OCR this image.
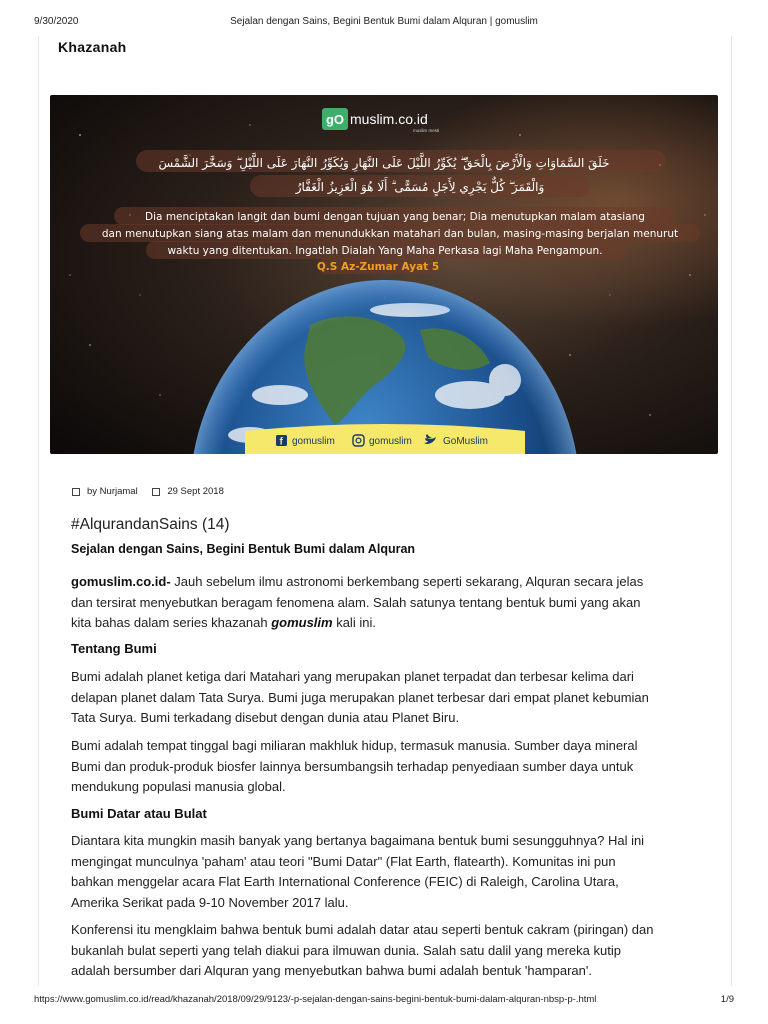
9/30/2020	Sejalan dengan Sains, Begini Bentuk Bumi dalam Alquran | gomuslim
Khazanah
f gomuslim	gomuslim	GoMuslim
gO muslim.co.id
muslim mesti
خَلَقَ السَّمَاوَاتِ وَالْأَرْضَ بِالْحَقِّ ۖ يُكَوِّرُ اللَّيْلَ عَلَى النَّهَارِ وَيُكَوِّرُ النَّهَارَ عَلَى اللَّيْلِ ۖ وَسَخَّرَ الشَّمْسَ
وَالْقَمَرَ ۖ كُلٌّ يَجْرِي لِأَجَلٍ مُسَمًّى ۗ أَلَا هُوَ الْعَزِيزُ الْغَفَّارُ
Dia menciptakan langit dan bumi dengan tujuan yang benar; Dia menutupkan malam atasiang
dan menutupkan siang atas malam dan menundukkan matahari dan bulan, masing-masing berjalan menurut
waktu yang ditentukan. Ingatlah Dialah Yang Maha Perkasa lagi Maha Pengampun.
Q.S Az-Zumar Ayat 5
by Nurjamal
	29 Sept 2018
#AlqurandanSains (14)
Sejalan dengan Sains, Begini Bentuk Bumi dalam Alquran

gomuslim.co.id- Jauh sebelum ilmu astronomi berkembang seperti sekarang, Alquran secara jelas
dan tersirat menyebutkan beragam fenomena alam. Salah satunya tentang bentuk bumi yang akan
kita bahas dalam series khazanah gomuslim kali ini.

Tentang Bumi

Bumi adalah planet ketiga dari Matahari yang merupakan planet terpadat dan terbesar kelima dari
delapan planet dalam Tata Surya. Bumi juga merupakan planet terbesar dari empat planet kebumian
Tata Surya. Bumi terkadang disebut dengan dunia atau Planet Biru.

Bumi adalah tempat tinggal bagi miliaran makhluk hidup, termasuk manusia. Sumber daya mineral
Bumi dan produk-produk biosfer lainnya bersumbangsih terhadap penyediaan sumber daya untuk
mendukung populasi manusia global.

Bumi Datar atau Bulat

Diantara kita mungkin masih banyak yang bertanya bagaimana bentuk bumi sesungguhnya? Hal ini
mengingat munculnya 'paham' atau teori "Bumi Datar" (Flat Earth, flatearth). Komunitas ini pun
bahkan menggelar acara Flat Earth International Conference (FEIC) di Raleigh, Carolina Utara,
Amerika Serikat pada 9-10 November 2017 lalu.

Konferensi itu mengklaim bahwa bentuk bumi adalah datar atau seperti bentuk cakram (piringan) dan
bukanlah bulat seperti yang telah diakui para ilmuwan dunia. Salah satu dalil yang mereka kutip
adalah bersumber dari Alquran yang menyebutkan bahwa bumi adalah bentuk 'hamparan'.

https://www.gomuslim.co.id/read/khazanah/2018/09/29/9123/-p-sejalan-dengan-sains-begini-bentuk-bumi-dalam-alquran-nbsp-p-.html	1/9
